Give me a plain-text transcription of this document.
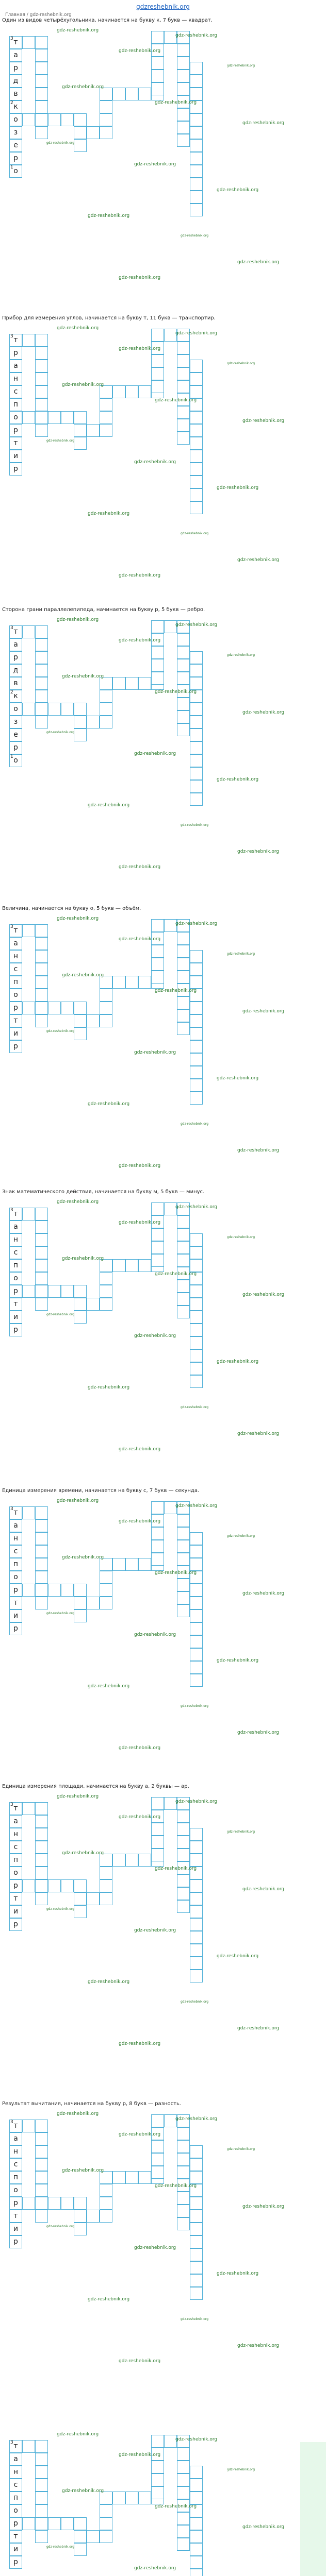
gdzreshebnik.org
Главная / gdz-reshebnik.org
Один из видов четырёхугольника, начинается на букву к, 7 букв — квадрат.
3 т
а
р
д
в
2 к
о
з
е
р
1 о
gdz-reshebnik.org
gdz-reshebnik.org
gdz-reshebnik.org
gdz-reshebnik.org
gdz-reshebnik.org
gdz-reshebnik.org
gdz-reshebnik.org
gdz-reshebnik.org
gdz-reshebnik.org
gdz-reshebnik.org
gdz-reshebnik.org
gdz-reshebnik.org
gdz-reshebnik.org
gdz-reshebnik.org
Прибор для измерения углов, начинается на букву т, 11 букв — транспортир.
3 т
р
а
н
с
п
о
р
т
и
р
gdz-reshebnik.org
gdz-reshebnik.org
gdz-reshebnik.org
gdz-reshebnik.org
gdz-reshebnik.org
gdz-reshebnik.org
gdz-reshebnik.org
gdz-reshebnik.org
gdz-reshebnik.org
gdz-reshebnik.org
gdz-reshebnik.org
gdz-reshebnik.org
gdz-reshebnik.org
gdz-reshebnik.org
Сторона грани параллелепипеда, начинается на букву р, 5 букв — ребро.
3 т
а
р
д
в
2 к
о
з
е
р
1 о
gdz-reshebnik.org
gdz-reshebnik.org
gdz-reshebnik.org
gdz-reshebnik.org
gdz-reshebnik.org
gdz-reshebnik.org
gdz-reshebnik.org
gdz-reshebnik.org
gdz-reshebnik.org
gdz-reshebnik.org
gdz-reshebnik.org
gdz-reshebnik.org
gdz-reshebnik.org
gdz-reshebnik.org
Величина, начинается на букву о, 5 букв — объём.
3 т
а
н
с
п
о
р
т
и
р
gdz-reshebnik.org
gdz-reshebnik.org
gdz-reshebnik.org
gdz-reshebnik.org
gdz-reshebnik.org
gdz-reshebnik.org
gdz-reshebnik.org
gdz-reshebnik.org
gdz-reshebnik.org
gdz-reshebnik.org
gdz-reshebnik.org
gdz-reshebnik.org
gdz-reshebnik.org
gdz-reshebnik.org
Знак математического действия, начинается на букву м, 5 букв — минус.
3 т
а
н
с
п
о
р
т
и
р
gdz-reshebnik.org
gdz-reshebnik.org
gdz-reshebnik.org
gdz-reshebnik.org
gdz-reshebnik.org
gdz-reshebnik.org
gdz-reshebnik.org
gdz-reshebnik.org
gdz-reshebnik.org
gdz-reshebnik.org
gdz-reshebnik.org
gdz-reshebnik.org
gdz-reshebnik.org
gdz-reshebnik.org
Единица измерения времени, начинается на букву с, 7 букв — секунда.
3 т
а
н
с
п
о
р
т
и
р
gdz-reshebnik.org
gdz-reshebnik.org
gdz-reshebnik.org
gdz-reshebnik.org
gdz-reshebnik.org
gdz-reshebnik.org
gdz-reshebnik.org
gdz-reshebnik.org
gdz-reshebnik.org
gdz-reshebnik.org
gdz-reshebnik.org
gdz-reshebnik.org
gdz-reshebnik.org
gdz-reshebnik.org
Единица измерения площади, начинается на букву а, 2 буквы — ар.
3 т
а
н
с
п
о
р
т
и
р
gdz-reshebnik.org
gdz-reshebnik.org
gdz-reshebnik.org
gdz-reshebnik.org
gdz-reshebnik.org
gdz-reshebnik.org
gdz-reshebnik.org
gdz-reshebnik.org
gdz-reshebnik.org
gdz-reshebnik.org
gdz-reshebnik.org
gdz-reshebnik.org
gdz-reshebnik.org
gdz-reshebnik.org
Результат вычитания, начинается на букву р, 8 букв — разность.
3 т
а
н
с
п
о
р
т
и
р
gdz-reshebnik.org
gdz-reshebnik.org
gdz-reshebnik.org
gdz-reshebnik.org
gdz-reshebnik.org
gdz-reshebnik.org
gdz-reshebnik.org
gdz-reshebnik.org
gdz-reshebnik.org
gdz-reshebnik.org
gdz-reshebnik.org
gdz-reshebnik.org
gdz-reshebnik.org
gdz-reshebnik.org
3 т
а
н
с
п
о
р
т
и
р
gdz-reshebnik.org
gdz-reshebnik.org
gdz-reshebnik.org
gdz-reshebnik.org
gdz-reshebnik.org
gdz-reshebnik.org
gdz-reshebnik.org
gdz-reshebnik.org
gdz-reshebnik.org
